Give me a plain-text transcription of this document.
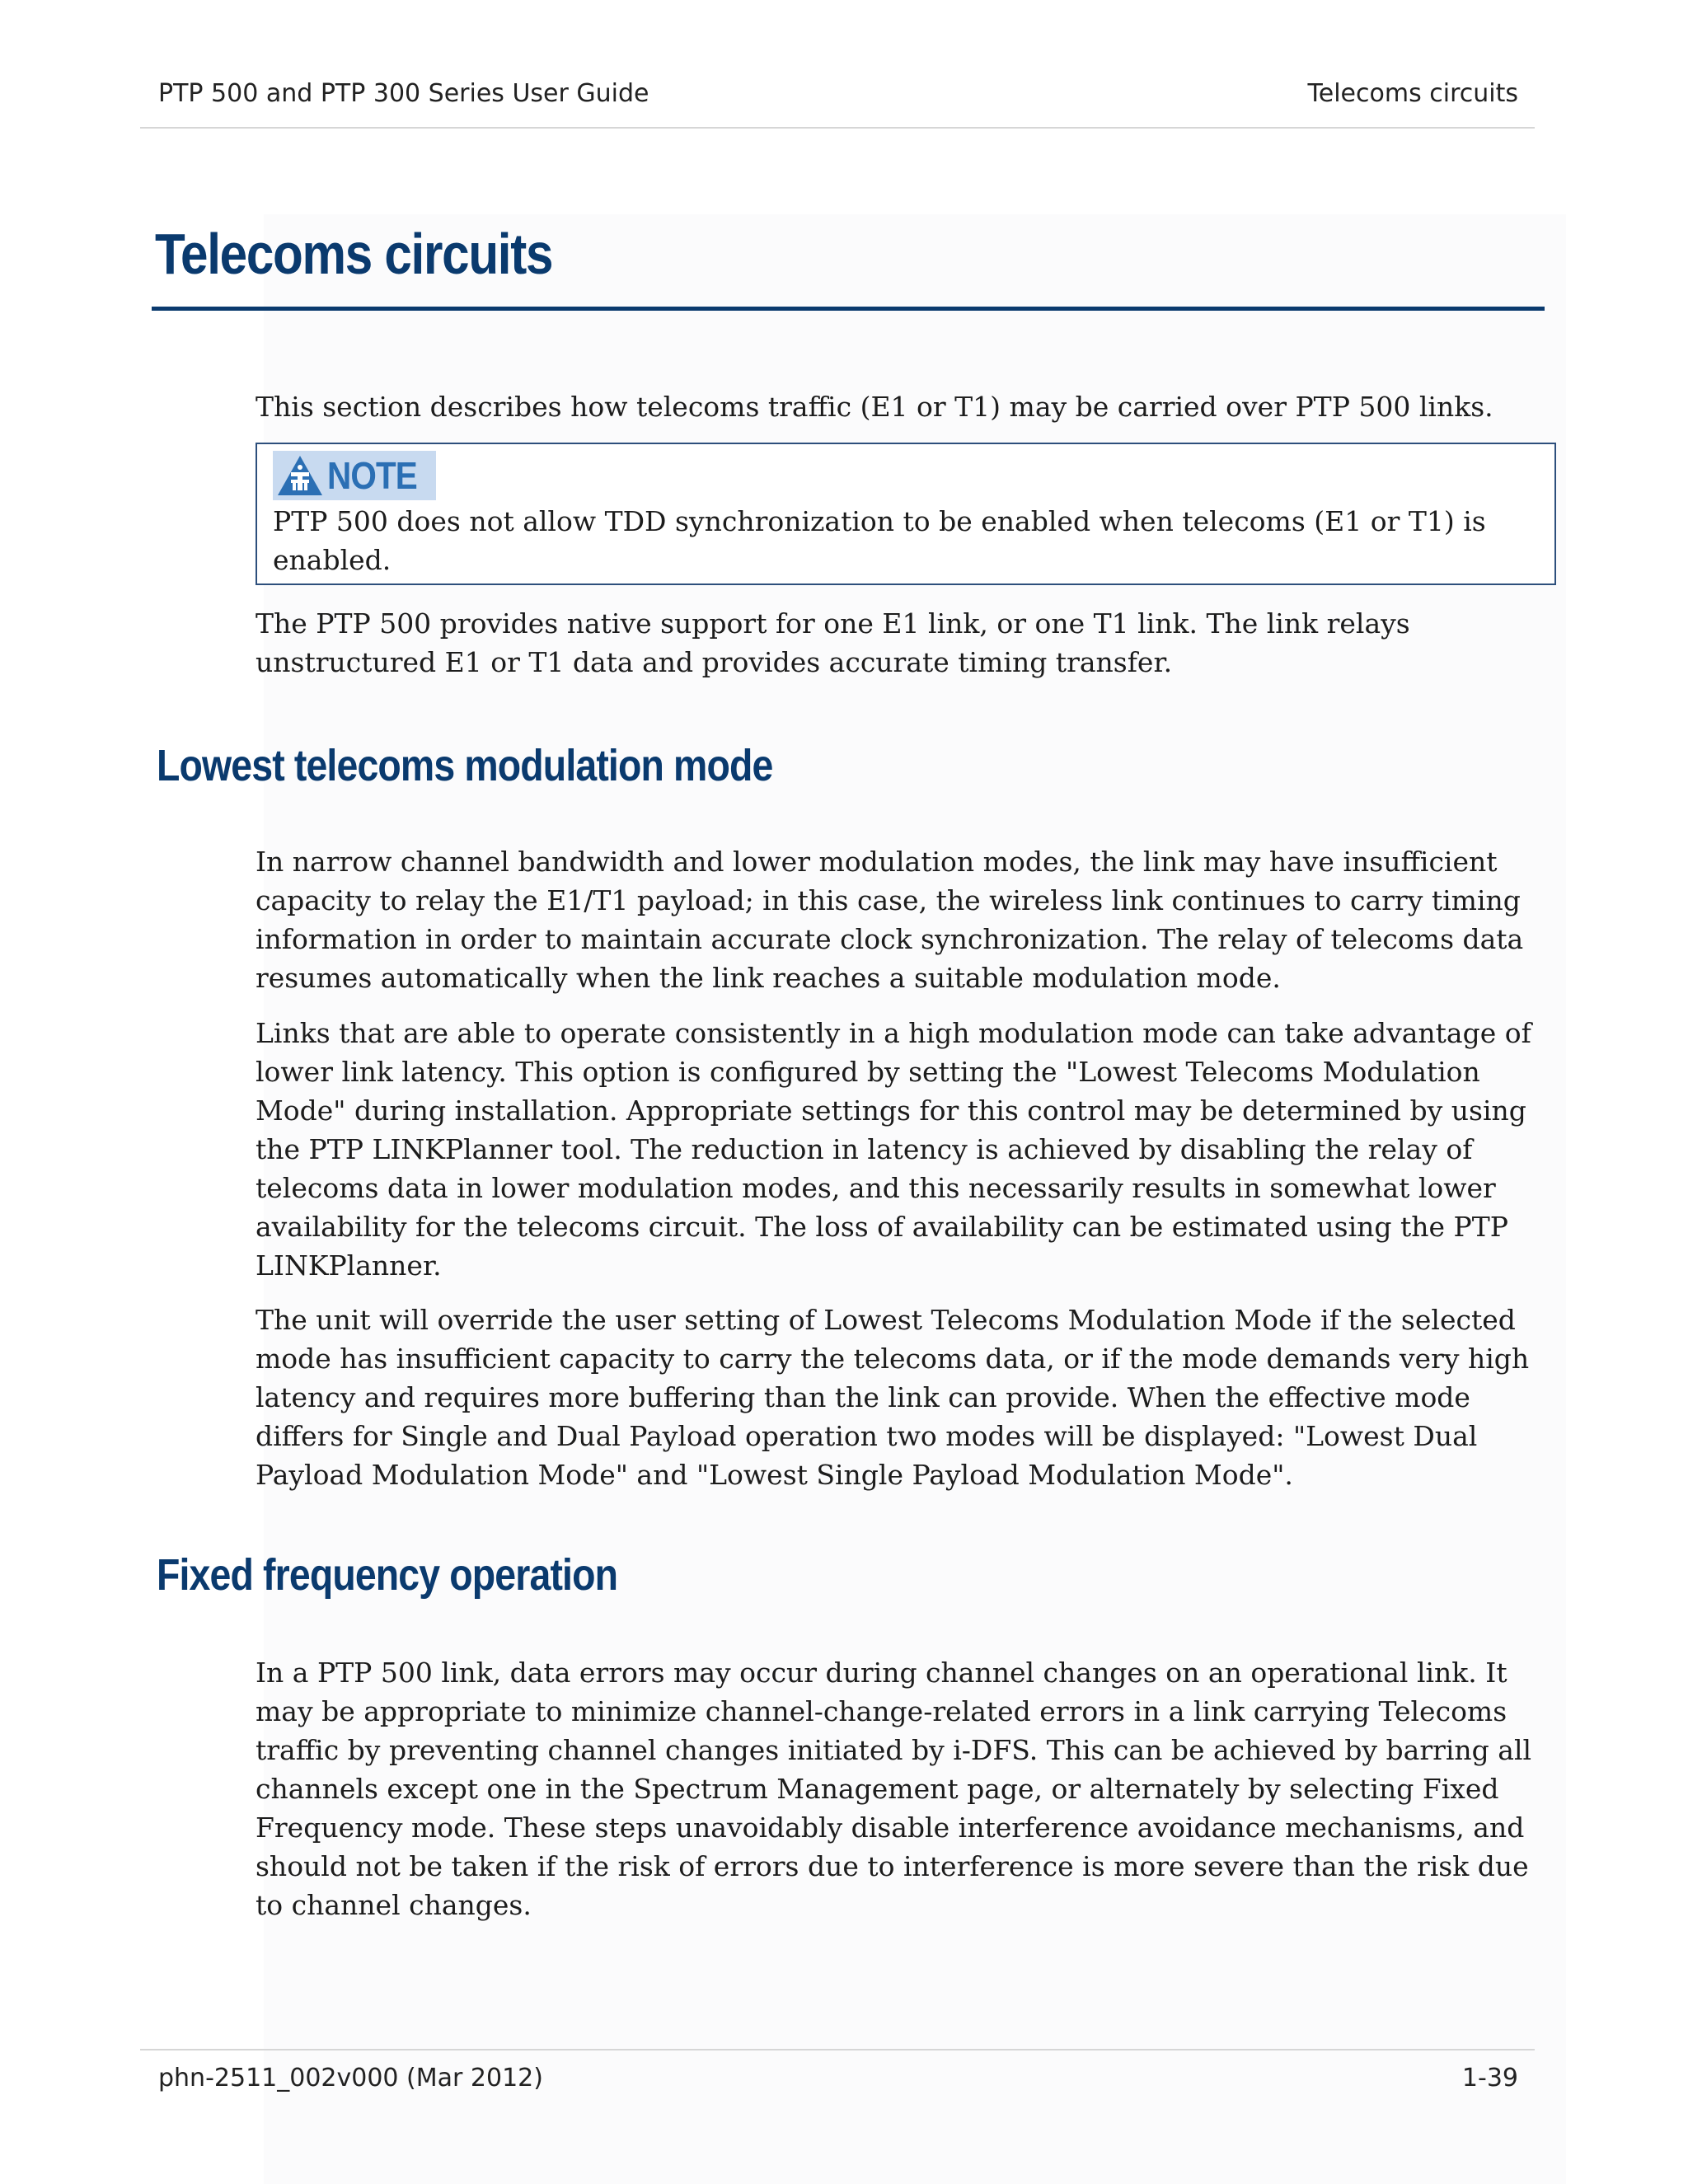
PTP 500 and PTP 300 Series User Guide	Telecoms circuits
Telecoms circuits

This section describes how telecoms traffic (E1 or T1) may be carried over PTP 500 links.

NOTE

PTP 500 does not allow TDD synchronization to be enabled when telecoms (E1 or T1) is enabled.

The PTP 500 provides native support for one E1 link, or one T1 link. The link relays unstructured E1 or T1 data and provides accurate timing transfer.

Lowest telecoms modulation mode

In narrow channel bandwidth and lower modulation modes, the link may have insufficient capacity to relay the E1/T1 payload; in this case, the wireless link continues to carry timing information in order to maintain accurate clock synchronization. The relay of telecoms data resumes automatically when the link reaches a suitable modulation mode.

Links that are able to operate consistently in a high modulation mode can take advantage of lower link latency. This option is configured by setting the "Lowest Telecoms Modulation Mode" during installation. Appropriate settings for this control may be determined by using the PTP LINKPlanner tool. The reduction in latency is achieved by disabling the relay of telecoms data in lower modulation modes, and this necessarily results in somewhat lower availability for the telecoms circuit. The loss of availability can be estimated using the PTP LINKPlanner.

The unit will override the user setting of Lowest Telecoms Modulation Mode if the selected mode has insufficient capacity to carry the telecoms data, or if the mode demands very high latency and requires more buffering than the link can provide. When the effective mode differs for Single and Dual Payload operation two modes will be displayed: "Lowest Dual Payload Modulation Mode" and "Lowest Single Payload Modulation Mode".

Fixed frequency operation

In a PTP 500 link, data errors may occur during channel changes on an operational link. It may be appropriate to minimize channel-change-related errors in a link carrying Telecoms traffic by preventing channel changes initiated by i-DFS. This can be achieved by barring all channels except one in the Spectrum Management page, or alternately by selecting Fixed Frequency mode. These steps unavoidably disable interference avoidance mechanisms, and should not be taken if the risk of errors due to interference is more severe than the risk due to channel changes.

phn-2511_002v000 (Mar 2012)	1-39
